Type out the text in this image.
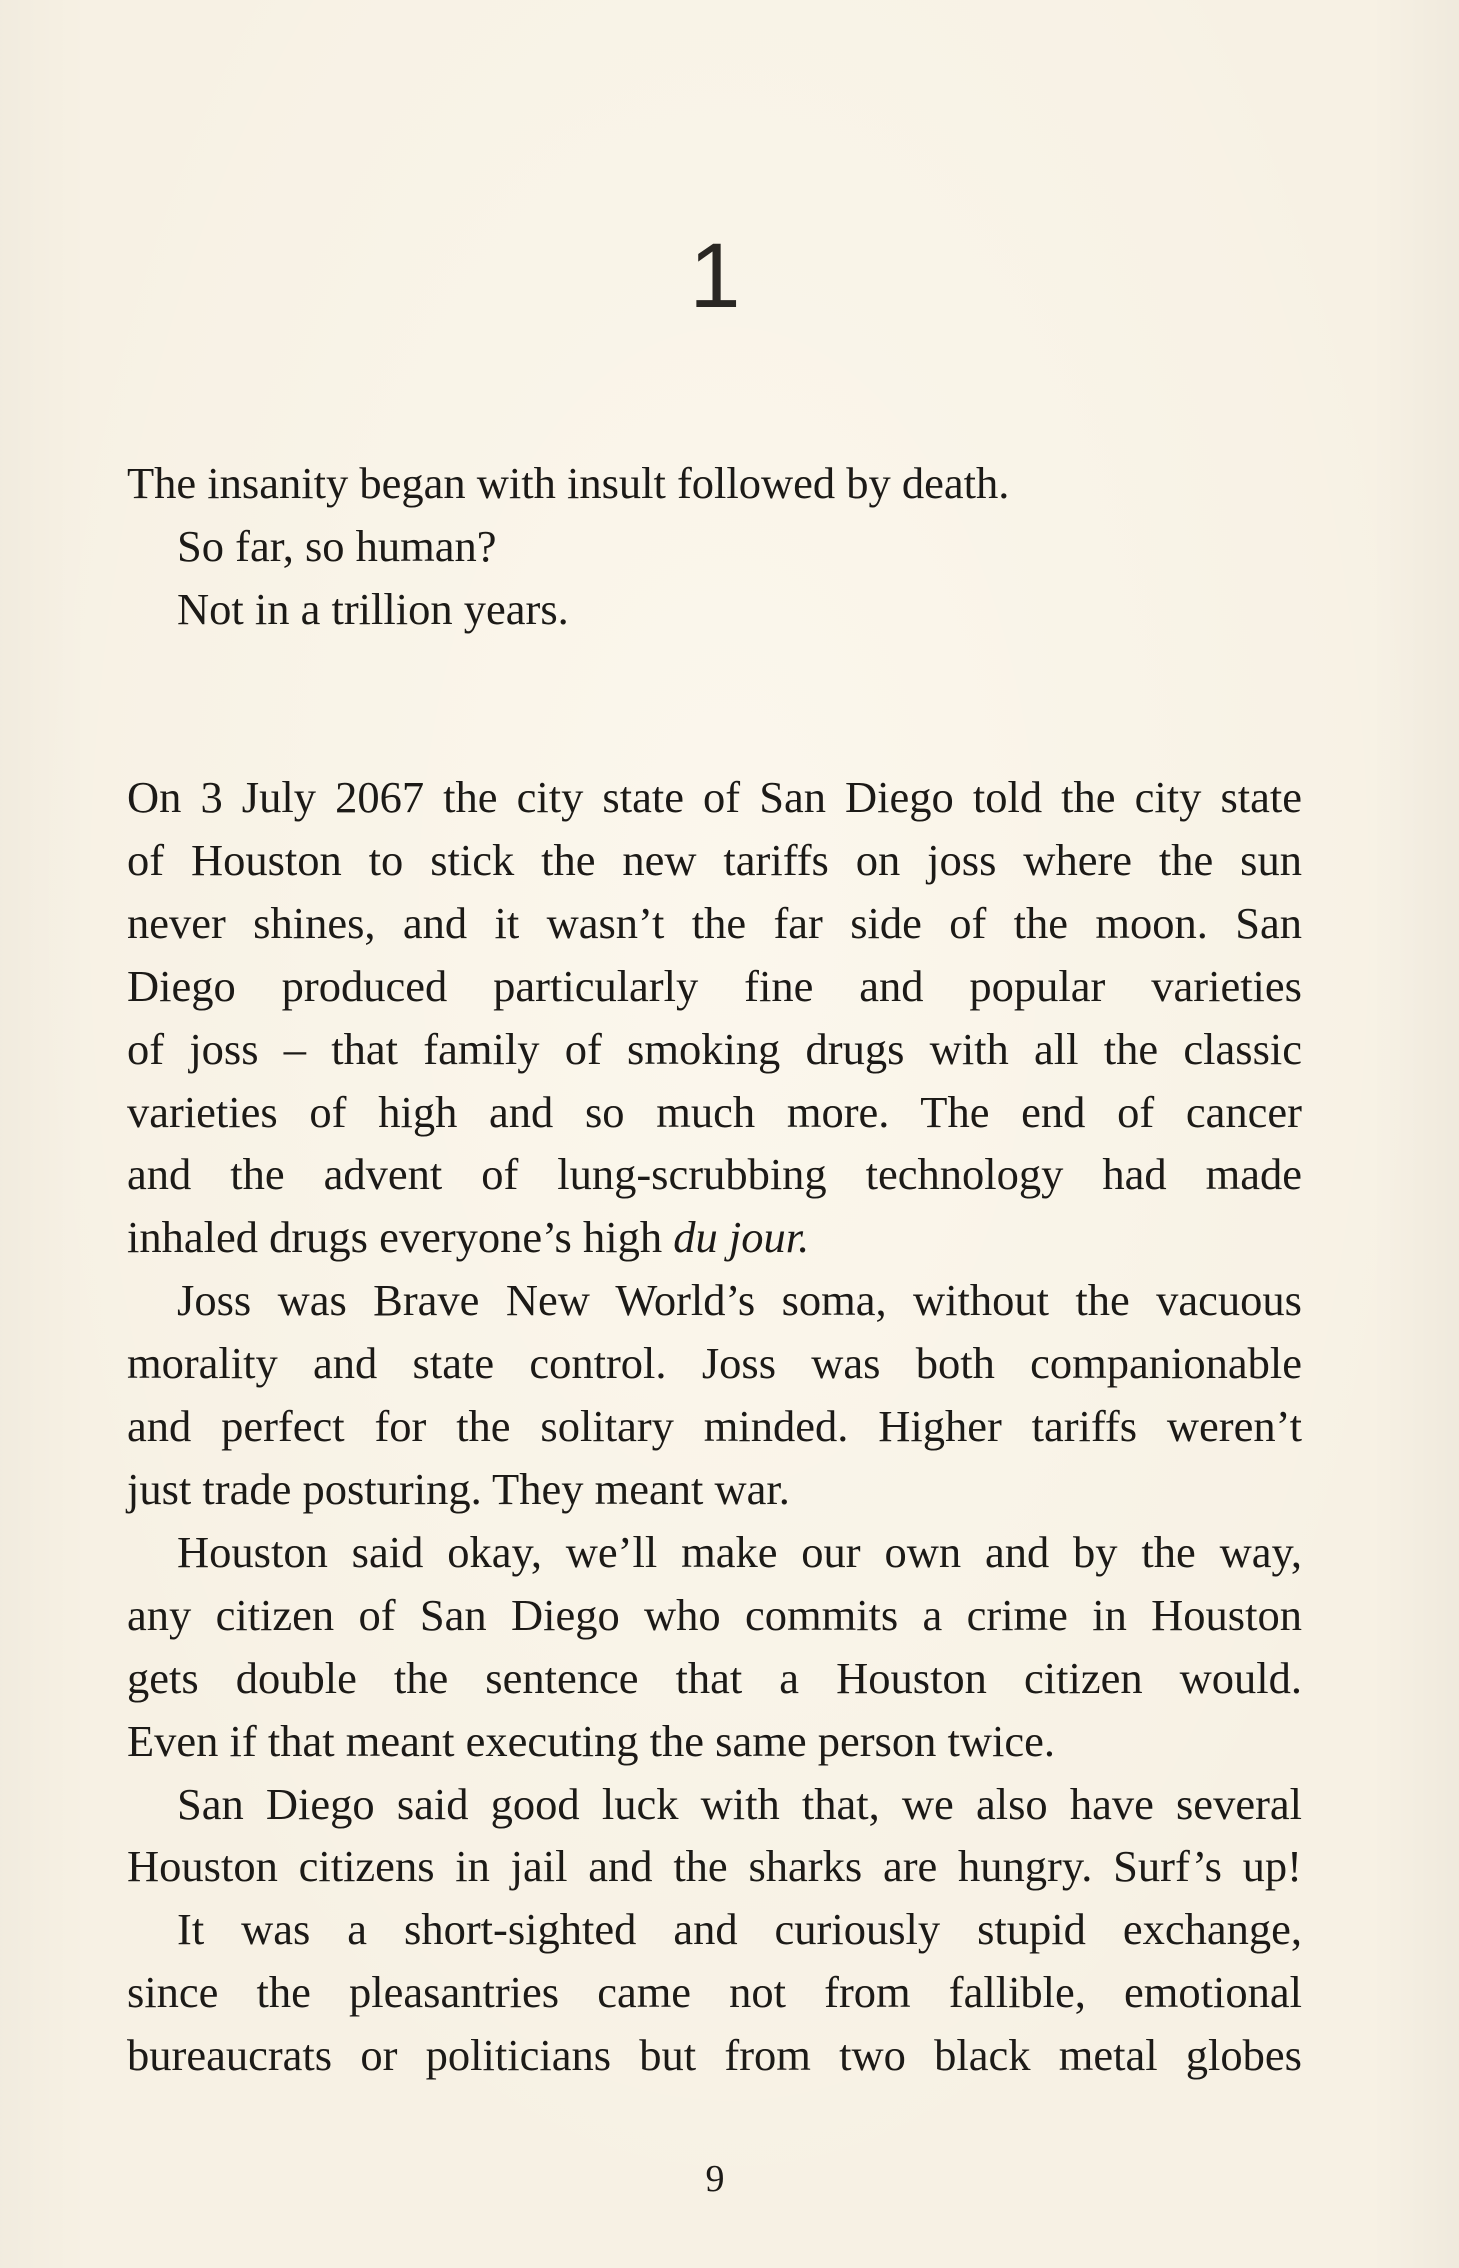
1
The insanity began with insult followed by death.
So far, so human?
Not in a trillion years.
On 3 July 2067 the city state of San Diego told the city state
of Houston to stick the new tariffs on joss where the sun
never shines, and it wasn’t the far side of the moon. San
Diego produced particularly fine and popular varieties
of joss – that family of smoking drugs with all the classic
varieties of high and so much more. The end of cancer
and the advent of lung-scrubbing technology had made
inhaled drugs everyone’s high du jour.
Joss was Brave New World’s soma, without the vacuous
morality and state control. Joss was both companionable
and perfect for the solitary minded. Higher tariffs weren’t
just trade posturing. They meant war.
Houston said okay, we’ll make our own and by the way,
any citizen of San Diego who commits a crime in Houston
gets double the sentence that a Houston citizen would.
Even if that meant executing the same person twice.
San Diego said good luck with that, we also have several
Houston citizens in jail and the sharks are hungry. Surf’s up!
It was a short-sighted and curiously stupid exchange,
since the pleasantries came not from fallible, emotional
bureaucrats or politicians but from two black metal globes
9
